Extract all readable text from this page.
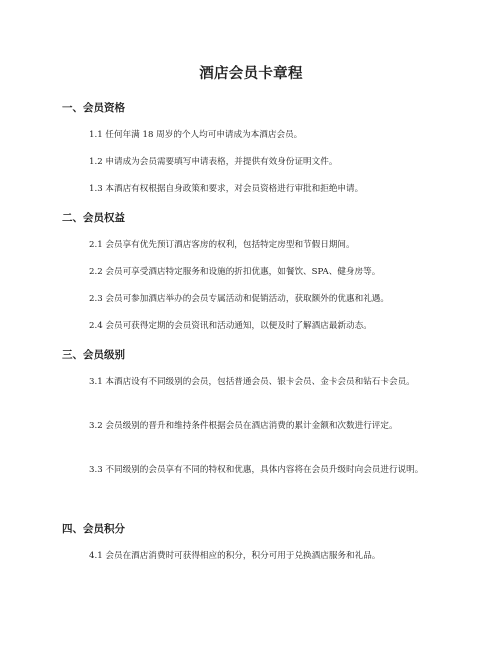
酒店会员卡章程
一、会员资格
1.1 任何年满 18 周岁的个人均可申请成为本酒店会员。
1.2 申请成为会员需要填写申请表格，并提供有效身份证明文件。
1.3 本酒店有权根据自身政策和要求，对会员资格进行审批和拒绝申请。
二、会员权益
2.1 会员享有优先预订酒店客房的权利，包括特定房型和节假日期间。
2.2 会员可享受酒店特定服务和设施的折扣优惠，如餐饮、SPA、健身房等。
2.3 会员可参加酒店举办的会员专属活动和促销活动，获取额外的优惠和礼遇。
2.4 会员可获得定期的会员资讯和活动通知，以便及时了解酒店最新动态。
三、会员级别
3.1 本酒店设有不同级别的会员，包括普通会员、银卡会员、金卡会员和钻石卡会员。
3.2 会员级别的晋升和维持条件根据会员在酒店消费的累计金额和次数进行评定。
3.3 不同级别的会员享有不同的特权和优惠，具体内容将在会员升级时向会员进行说明。
四、会员积分
4.1 会员在酒店消费时可获得相应的积分，积分可用于兑换酒店服务和礼品。
